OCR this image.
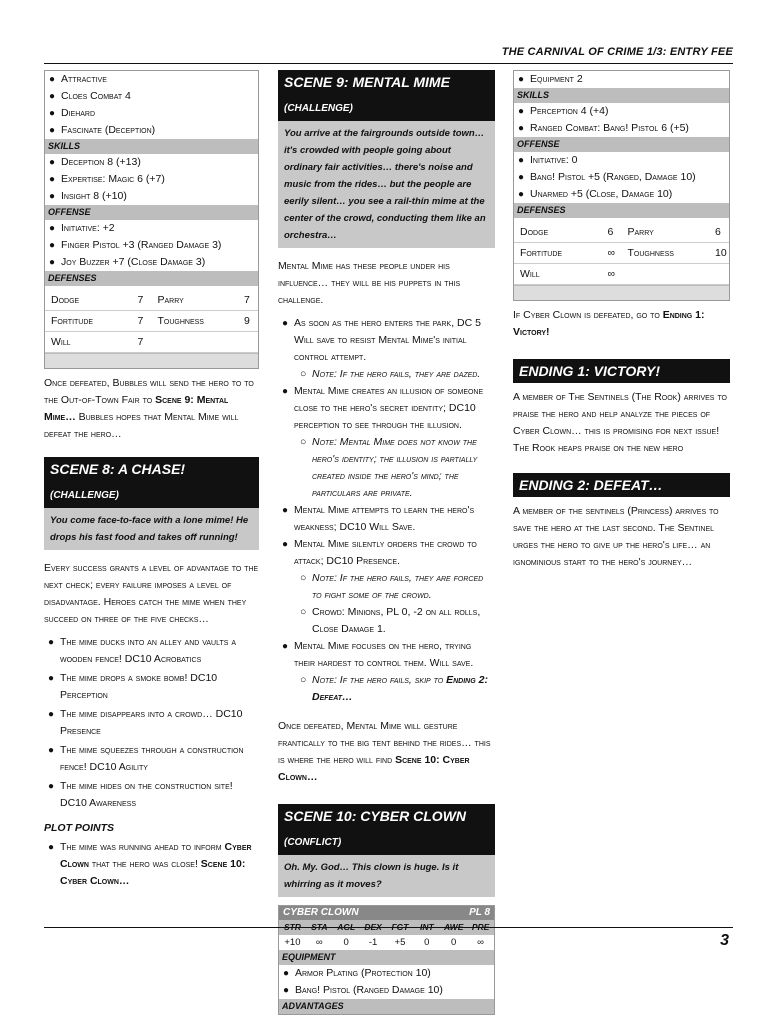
THE CARNIVAL OF CRIME 1/3: ENTRY FEE
● Attractive
● Cloes Combat 4
● Diehard
● Fascinate (Deception)
SKILLS
● Deception 8 (+13)
● Expertise: Magic 6 (+7)
● Insight 8 (+10)
OFFENSE
● Initiative: +2
● Finger Pistol +3 (Ranged Damage 3)
● Joy Buzzer +7 (Close Damage 3)
DEFENSES
Dodge	7	Parry	7
Fortitude	7	Toughness	9
Will	7

Once defeated, Bubbles will send the hero to to the Out-of-Town Fair to Scene 9: Mental Mime… Bubbles hopes that Mental Mime will defeat the hero…

SCENE 8: A CHASE! (CHALLENGE)
You come face-to-face with a lone mime! He drops his fast food and takes off running!

Every success grants a level of advantage to the next check; every failure imposes a level of disadvantage. Heroes catch the mime when they succeed on three of the five checks…

● The mime ducks into an alley and vaults a wooden fence! DC10 Acrobatics
● The mime drops a smoke bomb! DC10 Perception
● The mime disappears into a crowd… DC10 Presence
● The mime squeezes through a construction fence! DC10 Agility
● The mime hides on the construction site! DC10 Awareness
PLOT POINTS
● The mime was running ahead to inform Cyber Clown that the hero was close! Scene 10: Cyber Clown…
SCENE 9: MENTAL MIME (CHALLENGE)
You arrive at the fairgrounds outside town… it's crowded with people going about ordinary fair activities… there's noise and music from the rides… but the people are eerily silent… you see a rail-thin mime at the center of the crowd, conducting them like an orchestra…

Mental Mime has these people under his influence… they will be his puppets in this challenge.

● As soon as the hero enters the park, DC 5 Will save to resist Mental Mime's initial control attempt.
○ Note: If the hero fails, they are dazed.
● Mental Mime creates an illusion of someone close to the hero's secret identity; DC10 perception to see through the illusion.
○ Note: Mental Mime does not know the hero's identity; the illusion is partially created inside the hero's mind; the particulars are private.
● Mental Mime attempts to learn the hero's weakness; DC10 Will Save.
● Mental Mime silently orders the crowd to attack; DC10 Presence.
○ Note: If the hero fails, they are forced to fight some of the crowd.
○ Crowd: Minions, PL 0, -2 on all rolls, Close Damage 1.
● Mental Mime focuses on the hero, trying their hardest to control them. Will save.
○ Note: If the hero fails, skip to Ending 2: Defeat…

Once defeated, Mental Mime will gesture frantically to the big tent behind the rides… this is where the hero will find Scene 10: Cyber Clown…

SCENE 10: CYBER CLOWN (CONFLICT)
Oh. My. God… This clown is huge. Is it whirring as it moves?
CYBER CLOWN	PL 8
STR	STA	AGL	DEX	FGT	INT	AWE PRE
+10	∞	0	-1	+5	0	0	∞
EQUIPMENT
● Armor Plating (Protection 10)
● Bang! Pistol (Ranged Damage 10)
ADVANTAGES
● Equipment 2
SKILLS
● Perception 4 (+4)
● Ranged Combat: Bang! Pistol 6 (+5)
OFFENSE
● Initiative: 0
● Bang! Pistol +5 (Ranged, Damage 10)
● Unarmed +5 (Close, Damage 10)
DEFENSES
Dodge	6	Parry	6
Fortitude	∞	Toughness	10
Will	∞

If Cyber Clown is defeated, go to Ending 1: Victory!

ENDING 1: VICTORY!

A member of The Sentinels (The Rook) arrives to praise the hero and help analyze the pieces of Cyber Clown… this is promising for next issue! The Rook heaps praise on the new hero

ENDING 2: DEFEAT…

A member of the sentinels (Princess) arrives to save the hero at the last second. The Sentinel urges the hero to give up the hero's life… an ignominious start to the hero's journey…

3
